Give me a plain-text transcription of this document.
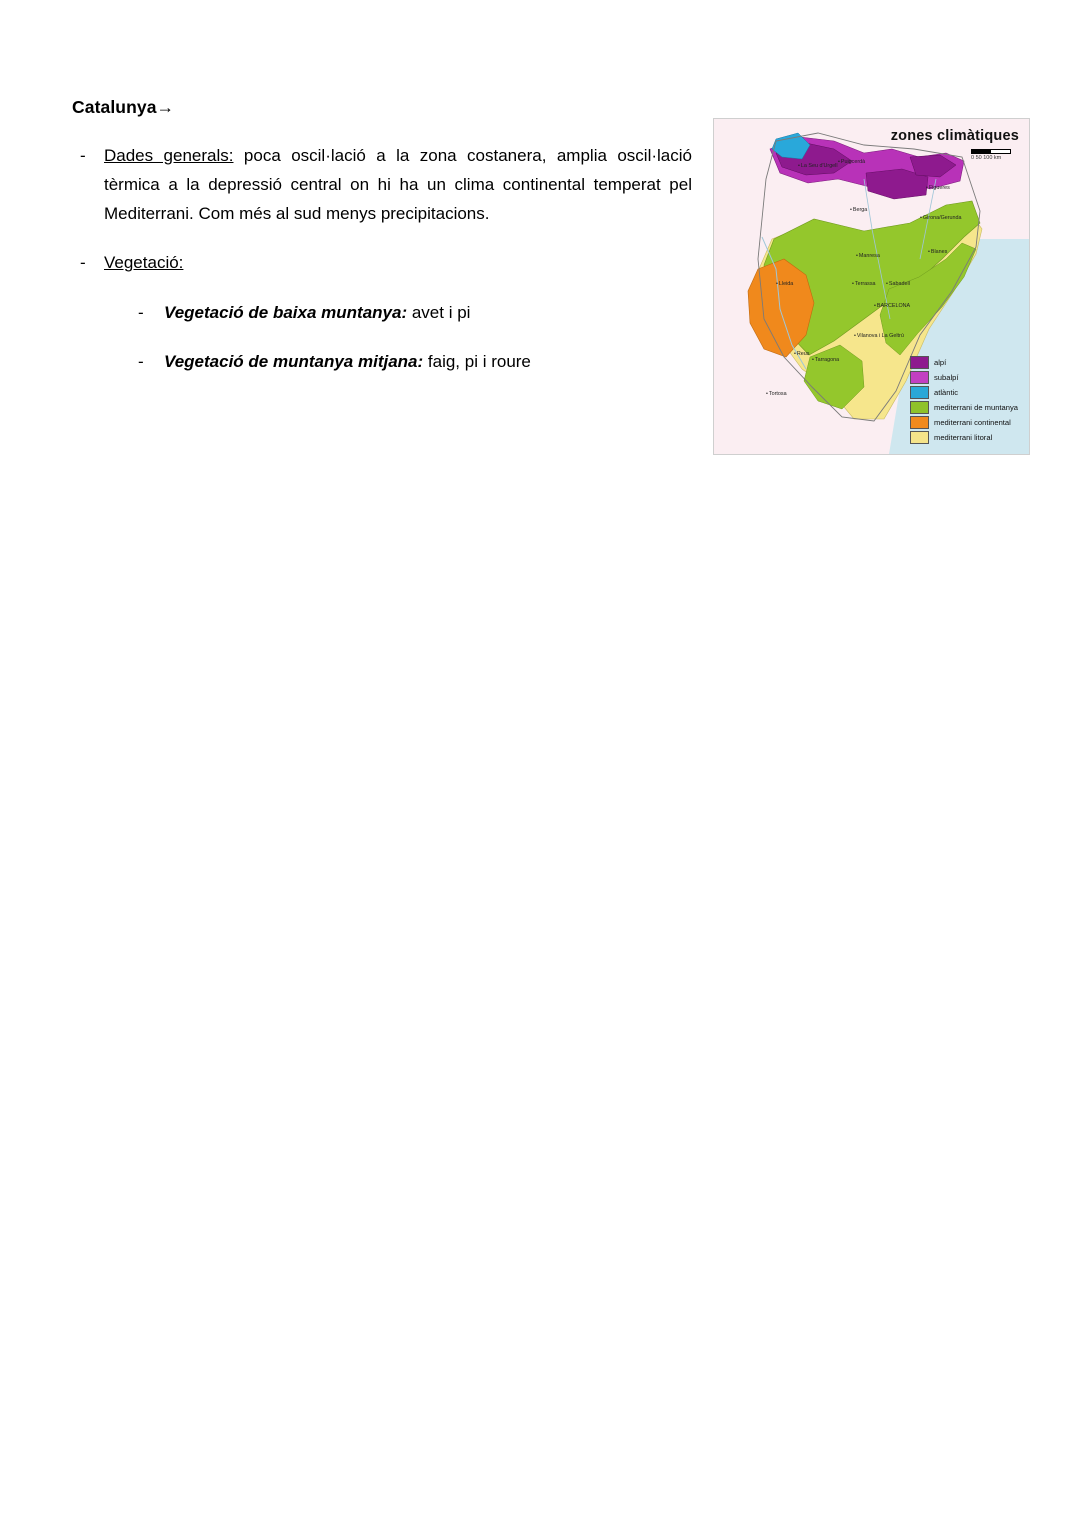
Catalunya→
-	Dades generals: poca oscil·lació a la zona costanera, amplia oscil·lació tèrmica a la depressió central on hi ha un clima continental temperat pel Mediterrani. Com més al sud menys precipitacions.
-	Vegetació:
-	Vegetació de baixa muntanya: avet i pi
-	Vegetació de muntanya mitjana: faig, pi i roure
zones climàtiques
0 50 100 km
• Lleida
• Manresa
• BARCELONA
• Tarragona
• Girona/Gerunda
• Figueres
• Berga
• Vilanova i La Geltrú
• Terrassa	• Sabadell
• Tortosa
• Reus
• Blanes
• La Seu d'Urgell
• Puigcerdà
alpí
subalpí
atlàntic
mediterrani de muntanya
mediterrani continental
mediterrani litoral
